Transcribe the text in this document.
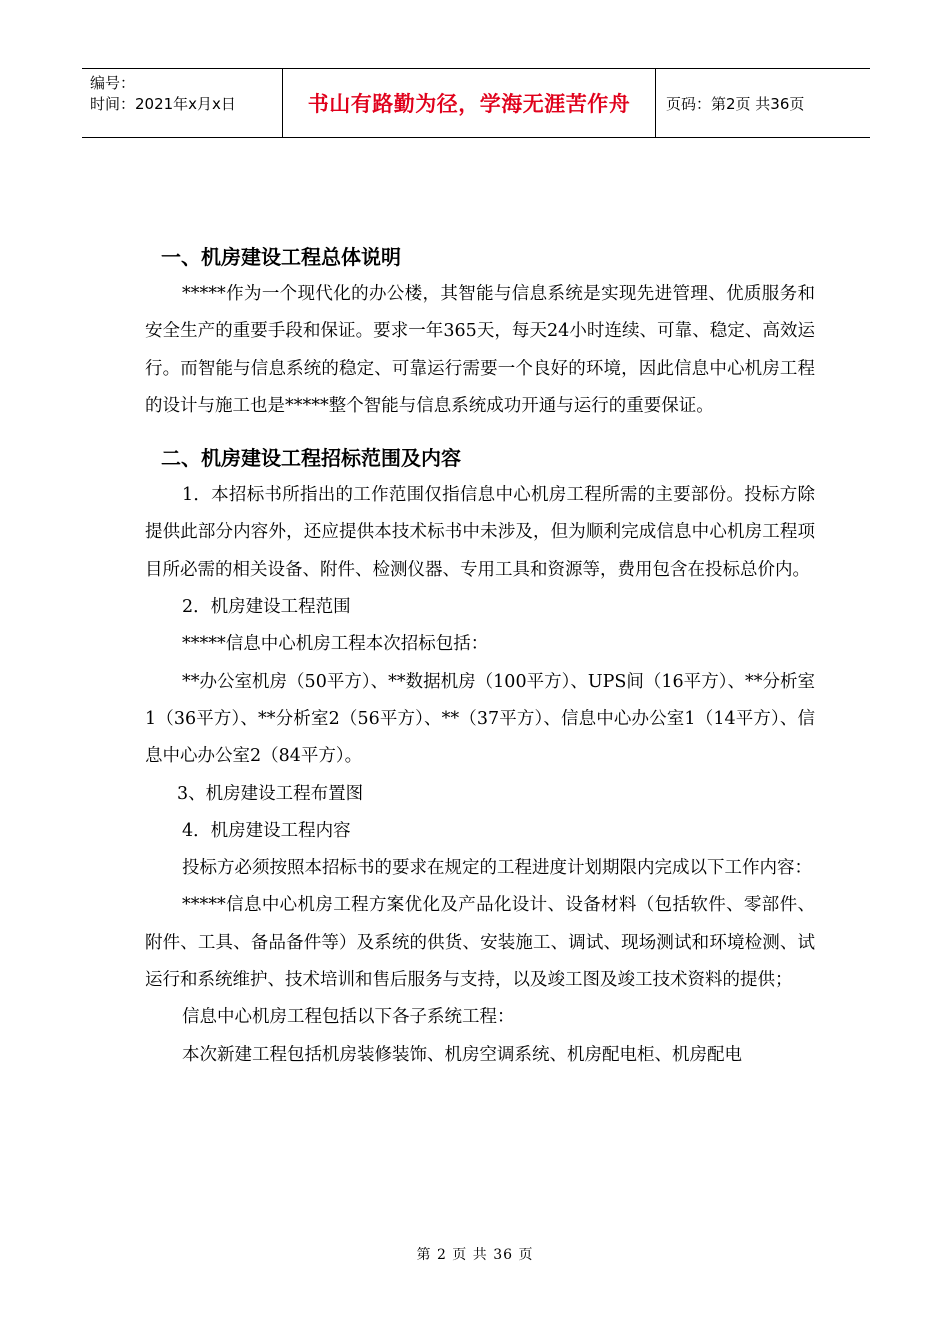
编号：
时间：2021年x月x日	书山有路勤为径，学海无涯苦作舟 页码：第2页 共36页
一、机房建设工程总体说明

*****作为一个现代化的办公楼，其智能与信息系统是实现先进管理、优质服务和安全生产的重要手段和保证。要求一年365天，每天24小时连续、可靠、稳定、高效运行。而智能与信息系统的稳定、可靠运行需要一个良好的环境，因此信息中心机房工程的设计与施工也是*****整个智能与信息系统成功开通与运行的重要保证。

二、机房建设工程招标范围及内容

1．本招标书所指出的工作范围仅指信息中心机房工程所需的主要部份。投标方除提供此部分内容外，还应提供本技术标书中未涉及，但为顺利完成信息中心机房工程项目所必需的相关设备、附件、检测仪器、专用工具和资源等，费用包含在投标总价内。

2．机房建设工程范围

*****信息中心机房工程本次招标包括：

**办公室机房（50平方）、**数据机房（100平方）、UPS间（16平方）、**分析室1（36平方）、**分析室2（56平方）、**（37平方）、信息中心办公室1（14平方）、信息中心办公室2（84平方）。

3、机房建设工程布置图

4．机房建设工程内容

投标方必须按照本招标书的要求在规定的工程进度计划期限内完成以下工作内容：

*****信息中心机房工程方案优化及产品化设计、设备材料（包括软件、零部件、附件、工具、备品备件等）及系统的供货、安装施工、调试、现场测试和环境检测、试运行和系统维护、技术培训和售后服务与支持，以及竣工图及竣工技术资料的提供；

信息中心机房工程包括以下各子系统工程：

本次新建工程包括机房装修装饰、机房空调系统、机房配电柜、机房配电

第 2 页 共 36 页
